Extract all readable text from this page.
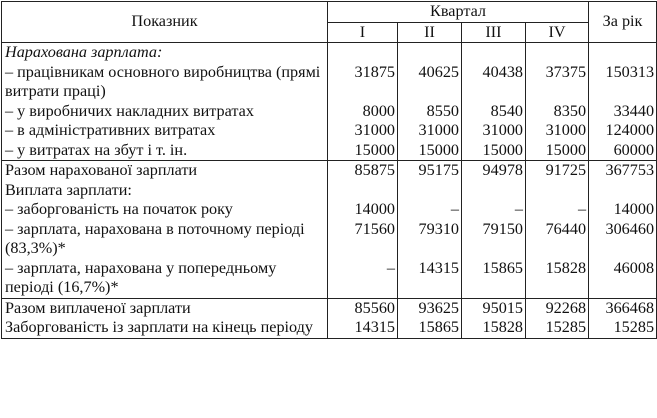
Показник	Квартал				За рік
	I	II	III	IV	
Нарахована зарплата:					
– працівникам основного виробництва (прямі витрати праці)	31875	40625	40438	37375	150313
– у виробничих накладних витратах	8000	8550	8540	8350	33440
– в адміністративних витратах	31000	31000	31000	31000	124000
– у витратах на збут і т. ін.	15000	15000	15000	15000	60000
Разом нарахованої зарплати	85875	95175	94978	91725	367753
Виплата зарплати:					
– заборгованість на початок року	14000	–	–	–	14000
– зарплата, нарахована в поточному періоді (83,3%)*	71560	79310	79150	76440	306460
– зарплата, нарахована у попередньому періоді (16,7%)*	–	14315	15865	15828	46008
Разом виплаченої зарплати	85560	93625	95015	92268	366468
Заборгованість із зарплати на кінець періоду	14315	15865	15828	15285	15285
